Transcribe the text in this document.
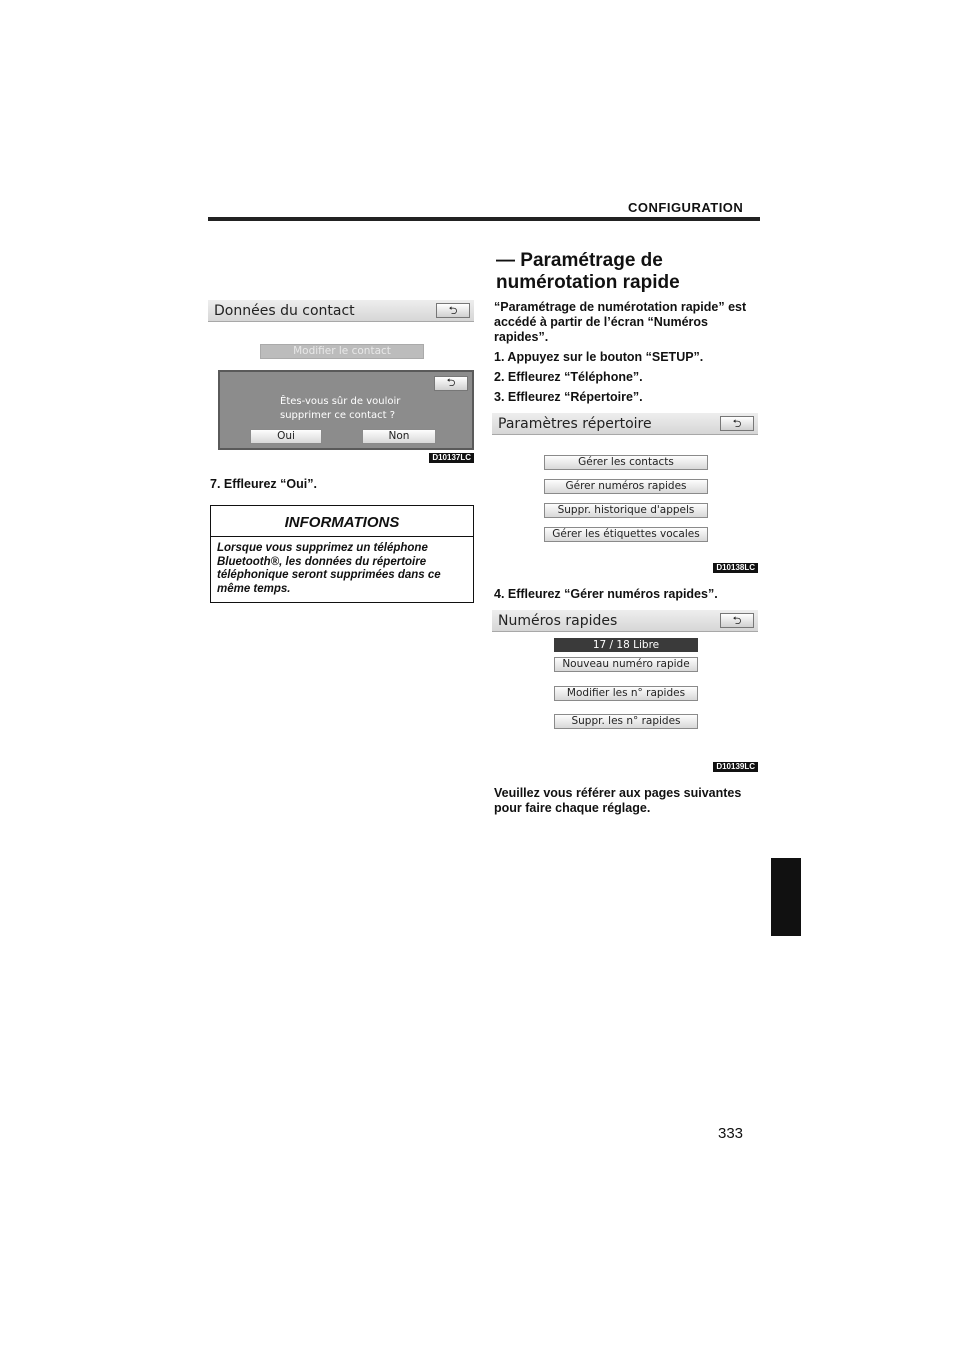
CONFIGURATION
Données du contact	⮌
Modifier le contact
⮌
Êtes-vous sûr de vouloir
supprimer ce contact ?
Oui	Non
D10137LC
7. Effleurez “Oui”.
INFORMATIONS
Lorsque vous supprimez un téléphone
Bluetooth®, les données du répertoire
téléphonique seront supprimées dans ce
même temps.
— Paramétrage de
numérotation rapide
“Paramétrage de numérotation rapide” est
accédé à partir de l’écran “Numéros
rapides”.
1. Appuyez sur le bouton “SETUP”.
2. Effleurez “Téléphone”.
3. Effleurez “Répertoire”.
Paramètres répertoire	⮌
Gérer les contacts
Gérer numéros rapides
Suppr. historique d'appels
Gérer les étiquettes vocales
D10138LC
4. Effleurez “Gérer numéros rapides”.
Numéros rapides	⮌
17 / 18 Libre
Nouveau numéro rapide
Modifier les n° rapides
Suppr. les n° rapides
D10139LC
Veuillez vous référer aux pages suivantes
pour faire chaque réglage.
333
